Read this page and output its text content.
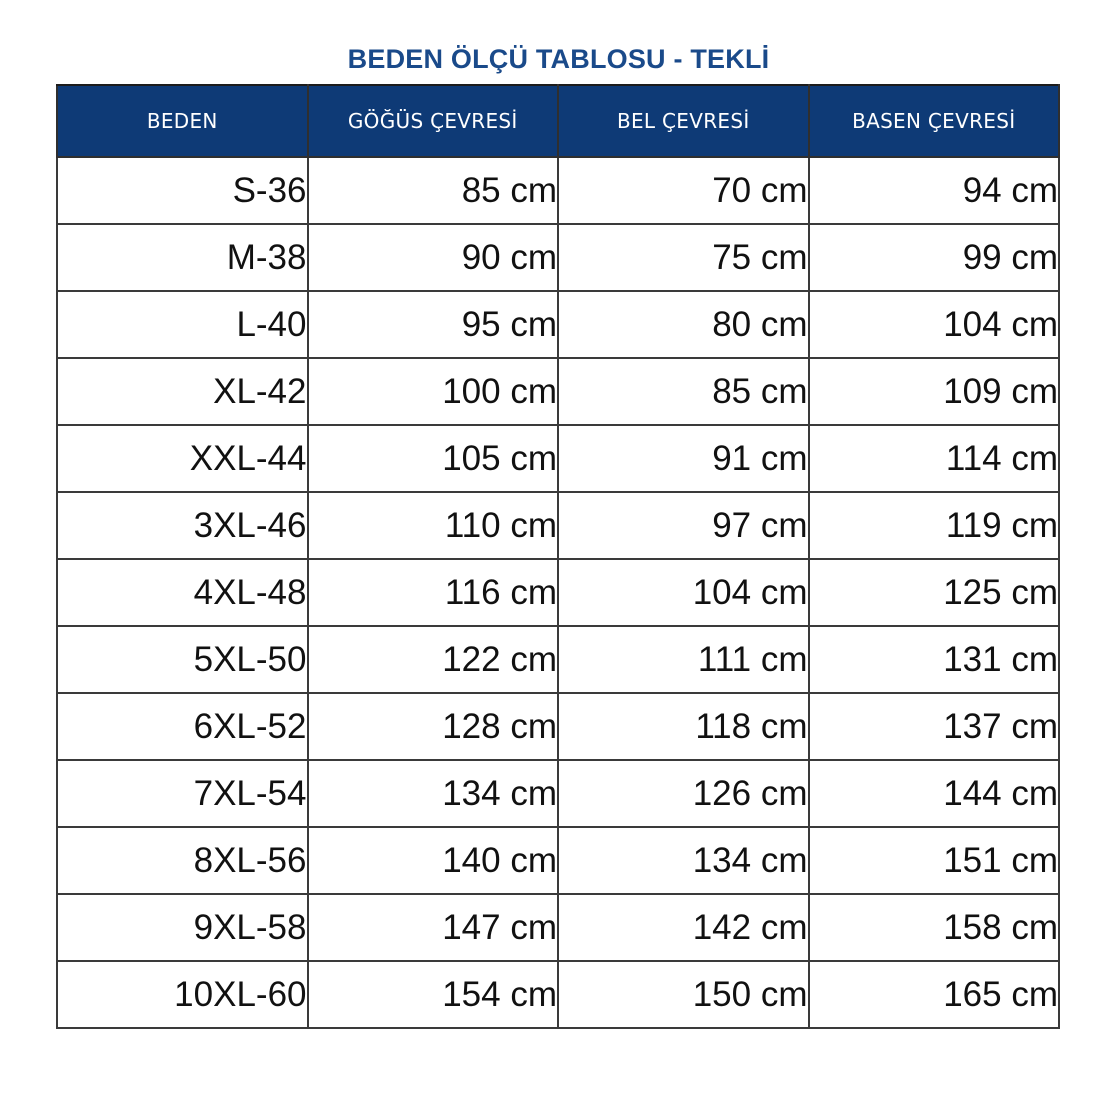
BEDEN ÖLÇÜ TABLOSU - TEKLİ
BEDEN	GÖĞÜS ÇEVRESİ	BEL ÇEVRESİ	BASEN ÇEVRESİ
S-36	85 cm	70 cm	94 cm
M-38	90 cm	75 cm	99 cm
L-40	95 cm	80 cm	104 cm
XL-42	100 cm	85 cm	109 cm
XXL-44	105 cm	91 cm	114 cm
3XL-46	110 cm	97 cm	119 cm
4XL-48	116 cm	104 cm	125 cm
5XL-50	122 cm	111 cm	131 cm
6XL-52	128 cm	118 cm	137 cm
7XL-54	134 cm	126 cm	144 cm
8XL-56	140 cm	134 cm	151 cm
9XL-58	147 cm	142 cm	158 cm
10XL-60	154 cm	150 cm	165 cm
